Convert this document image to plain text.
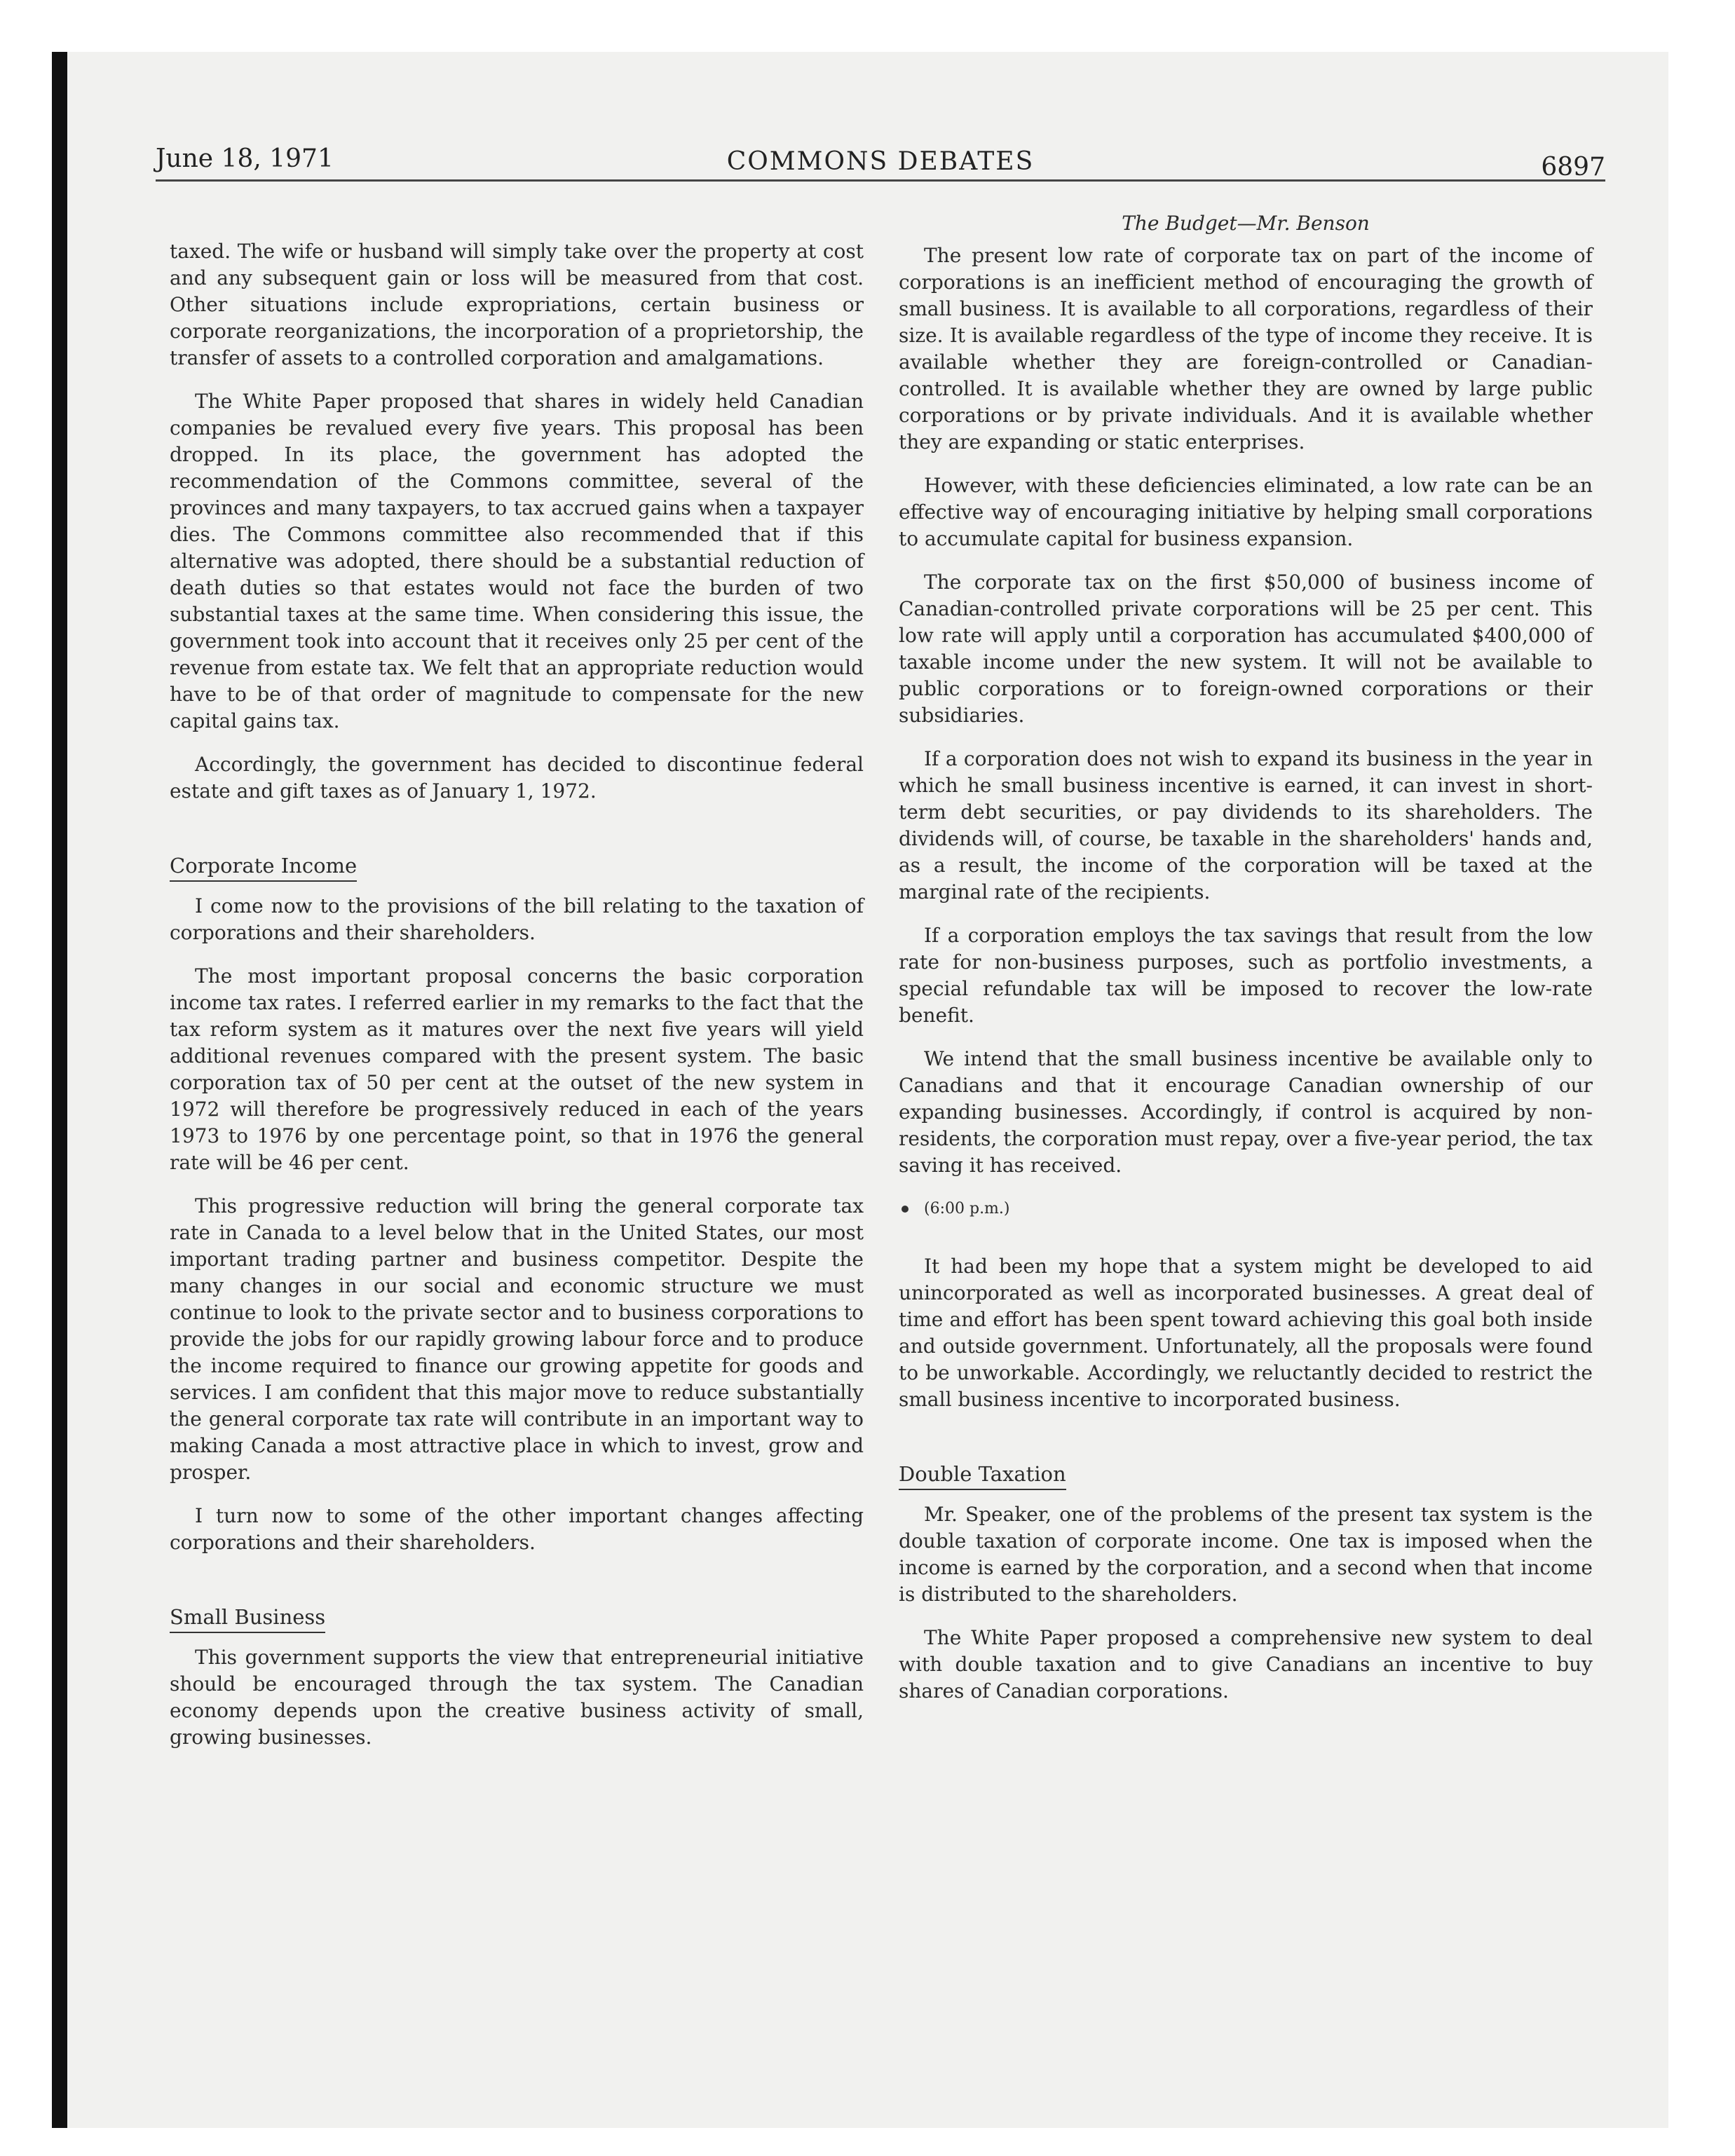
June 18, 1971	COMMONS DEBATES	6897

taxed. The wife or husband will simply take over the property at cost and any subsequent gain or loss will be measured from that cost. Other situations include expropriations, certain business or corporate reorganizations, the incorporation of a proprietorship, the transfer of assets to a controlled corporation and amalgamations.

The White Paper proposed that shares in widely held Canadian companies be revalued every five years. This proposal has been dropped. In its place, the government has adopted the recommendation of the Commons committee, several of the provinces and many taxpayers, to tax accrued gains when a taxpayer dies. The Commons committee also recommended that if this alternative was adopted, there should be a substantial reduction of death duties so that estates would not face the burden of two substantial taxes at the same time. When considering this issue, the government took into account that it receives only 25 per cent of the revenue from estate tax. We felt that an appropriate reduction would have to be of that order of magnitude to compensate for the new capital gains tax.

Accordingly, the government has decided to discontinue federal estate and gift taxes as of January 1, 1972.

Corporate Income

I come now to the provisions of the bill relating to the taxation of corporations and their shareholders.

The most important proposal concerns the basic corporation income tax rates. I referred earlier in my remarks to the fact that the tax reform system as it matures over the next five years will yield additional revenues compared with the present system. The basic corporation tax of 50 per cent at the outset of the new system in 1972 will therefore be progressively reduced in each of the years 1973 to 1976 by one percentage point, so that in 1976 the general rate will be 46 per cent.

This progressive reduction will bring the general corporate tax rate in Canada to a level below that in the United States, our most important trading partner and business competitor. Despite the many changes in our social and economic structure we must continue to look to the private sector and to business corporations to provide the jobs for our rapidly growing labour force and to produce the income required to finance our growing appetite for goods and services. I am confident that this major move to reduce substantially the general corporate tax rate will contribute in an important way to making Canada a most attractive place in which to invest, grow and prosper.

I turn now to some of the other important changes affecting corporations and their shareholders.

Small Business

This government supports the view that entrepreneurial initiative should be encouraged through the tax system. The Canadian economy depends upon the creative business activity of small, growing businesses.

The Budget—Mr. Benson

The present low rate of corporate tax on part of the income of corporations is an inefficient method of encouraging the growth of small business. It is available to all corporations, regardless of their size. It is available regardless of the type of income they receive. It is available whether they are foreign-controlled or Canadian-controlled. It is available whether they are owned by large public corporations or by private individuals. And it is available whether they are expanding or static enterprises.

However, with these deficiencies eliminated, a low rate can be an effective way of encouraging initiative by helping small corporations to accumulate capital for business expansion.

The corporate tax on the first $50,000 of business income of Canadian-controlled private corporations will be 25 per cent. This low rate will apply until a corporation has accumulated $400,000 of taxable income under the new system. It will not be available to public corporations or to foreign-owned corporations or their subsidiaries.

If a corporation does not wish to expand its business in the year in which he small business incentive is earned, it can invest in short-term debt securities, or pay dividends to its shareholders. The dividends will, of course, be taxable in the shareholders' hands and, as a result, the income of the corporation will be taxed at the marginal rate of the recipients.

If a corporation employs the tax savings that result from the low rate for non-business purposes, such as portfolio investments, a special refundable tax will be imposed to recover the low-rate benefit.

We intend that the small business incentive be available only to Canadians and that it encourage Canadian ownership of our expanding businesses. Accordingly, if control is acquired by non-residents, the corporation must repay, over a five-year period, the tax saving it has received.

(6:00 p.m.)

It had been my hope that a system might be developed to aid unincorporated as well as incorporated businesses. A great deal of time and effort has been spent toward achieving this goal both inside and outside government. Unfortunately, all the proposals were found to be unworkable. Accordingly, we reluctantly decided to restrict the small business incentive to incorporated business.

Double Taxation

Mr. Speaker, one of the problems of the present tax system is the double taxation of corporate income. One tax is imposed when the income is earned by the corporation, and a second when that income is distributed to the shareholders.

The White Paper proposed a comprehensive new system to deal with double taxation and to give Canadians an incentive to buy shares of Canadian corporations.
